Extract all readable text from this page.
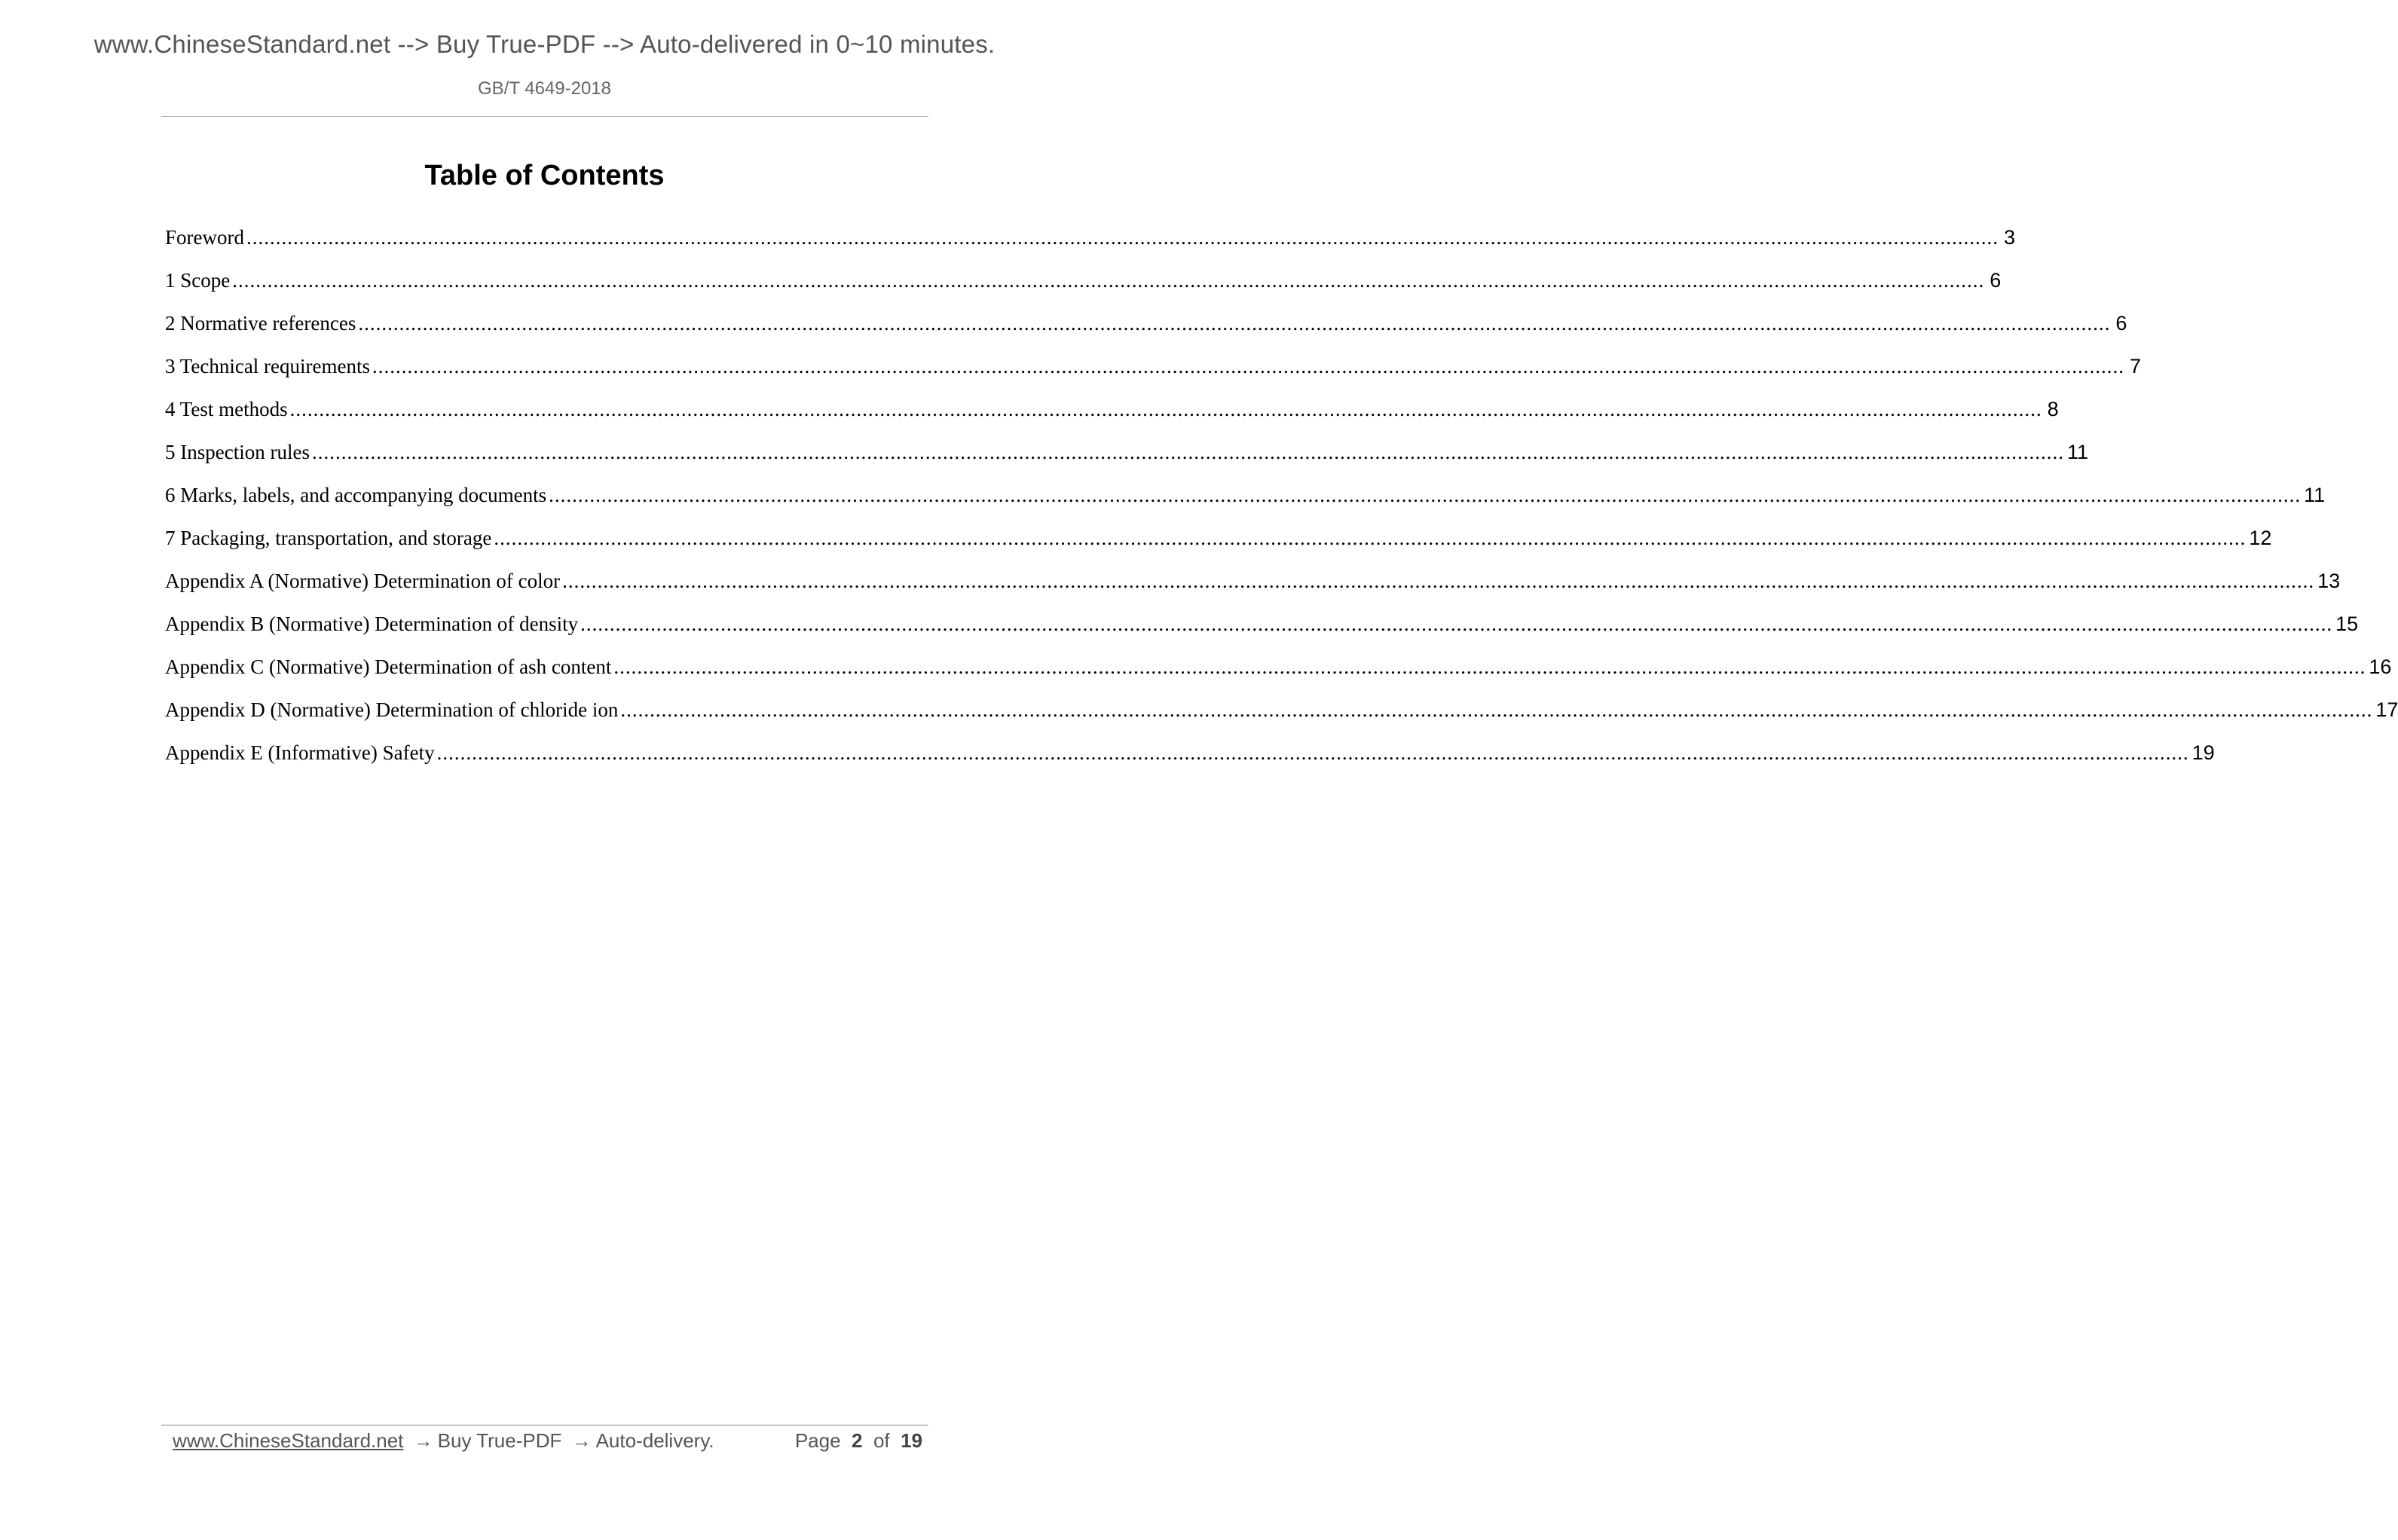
www.ChineseStandard.net --> Buy True-PDF --> Auto-delivered in 0~10 minutes.
GB/T 4649-2018
Table of Contents
Foreword ............................................................................................................................................................................................................................................................................................................ 3
1 Scope ............................................................................................................................................................................................................................................................................................................ 6
2 Normative references ............................................................................................................................................................................................................................................................................................................ 6
3 Technical requirements ............................................................................................................................................................................................................................................................................................................ 7
4 Test methods ............................................................................................................................................................................................................................................................................................................ 8
5 Inspection rules ............................................................................................................................................................................................................................................................................................................ 11
6 Marks, labels, and accompanying documents ............................................................................................................................................................................................................................................................................................................ 11
7 Packaging, transportation, and storage ............................................................................................................................................................................................................................................................................................................ 12
Appendix A (Normative) Determination of color ............................................................................................................................................................................................................................................................................................................ 13
Appendix B (Normative) Determination of density ............................................................................................................................................................................................................................................................................................................ 15
Appendix C (Normative) Determination of ash content ............................................................................................................................................................................................................................................................................................................ 16
Appendix D (Normative) Determination of chloride ion ............................................................................................................................................................................................................................................................................................................ 17
Appendix E (Informative) Safety ............................................................................................................................................................................................................................................................................................................ 19
www.ChineseStandard.net → Buy True-PDF → Auto-delivery.	Page 2 of 19
